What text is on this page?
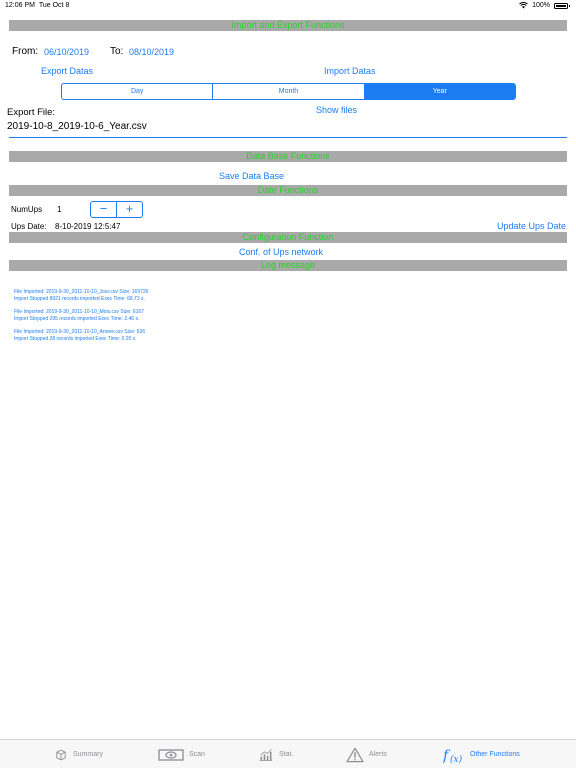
12:06 PM Tue Oct 8	100%
Import and Export Functions
From: 06/10/2019 To: 08/10/2019
Export Datas	Import Datas
Day	Month	Year
Export File:	Show files
2019-10-8_2019-10-6_Year.csv
Data Base Functions
Save Data Base
Date Functions
NumUps 1	−	+
Ups Date: 8-10-2019 12:5:47	Update Ups Date
Configuration Function
Conf. of Ups network
Log message
File Imported: 2019-9-30_2011-10-10_Jour.csv Size: 169726
Import Stopped 8921 records imported Exec Time: 68.73 s.
File Imported: 2019-9-30_2011-10-10_Mois.csv Size: 6167
Import Stopped 295 records imported Exec Time: 2.46 s.
File Imported: 2019-9-30_2011-10-10_Annee.csv Size: 636
Import Stopped 28 records imported Exec Time: 0.20 s.
Summary	Scan	Stat.	Alerts	f (x) Other Functions
